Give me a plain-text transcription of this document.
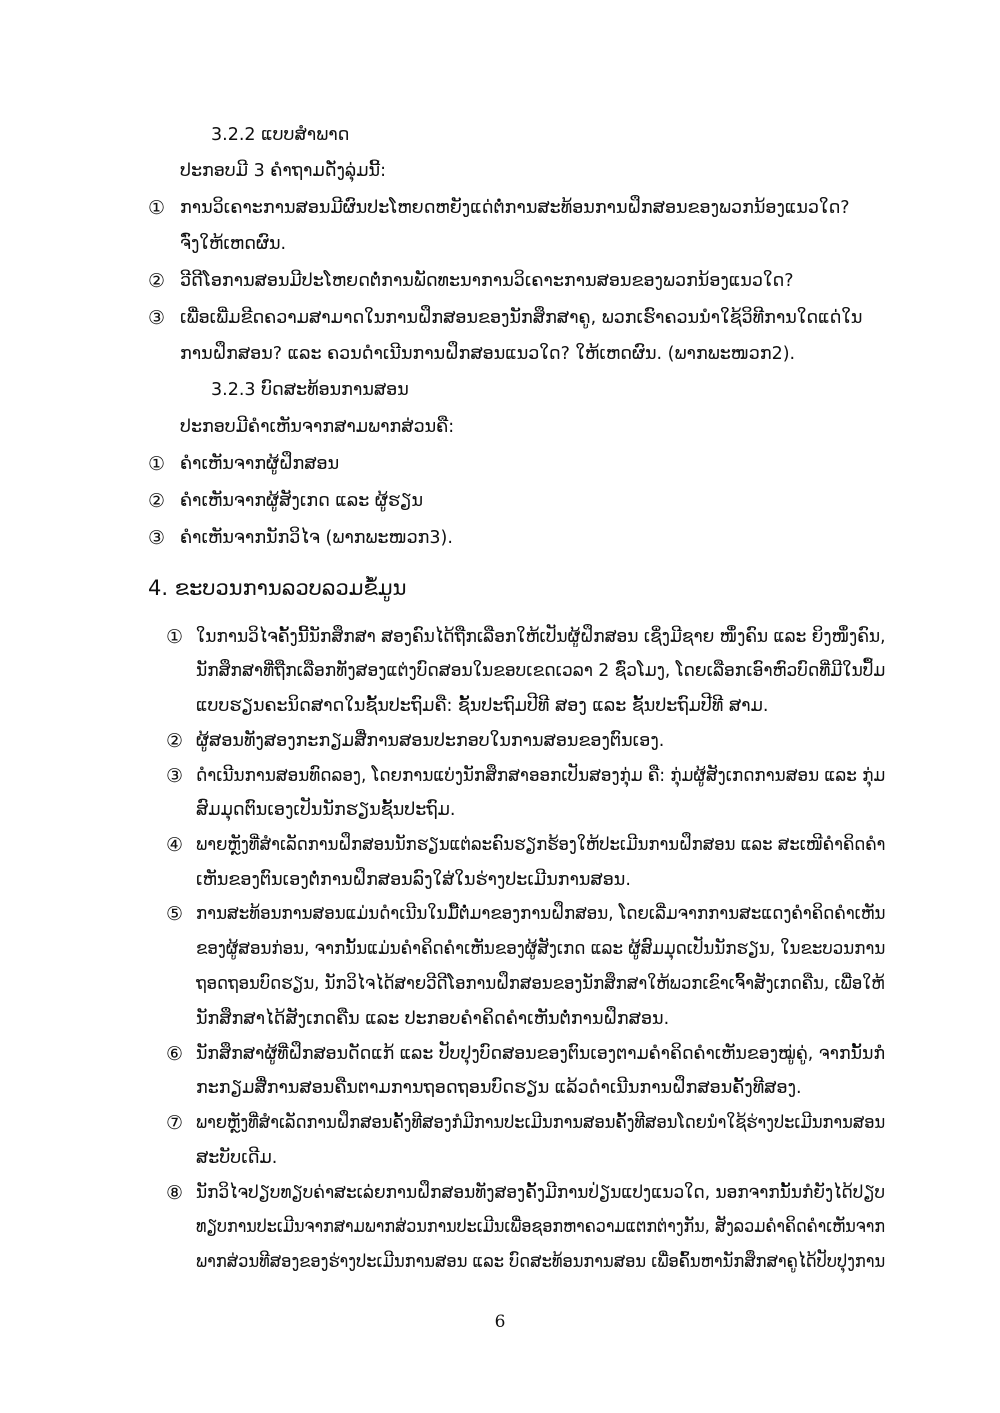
3.2.2 ແບບສຳພາດ
ປະກອບມີ 3 ຄຳຖາມດັ່ງລຸ່ມນີ້:
① ການວິເຄາະການສອນມີຜົນປະໂຫຍດຫຍັງແດ່ຕໍ່ການສະທ້ອນການຝຶກສອນຂອງພວກນ້ອງແນວໃດ?
ຈົ່ງໃຫ້ເຫດຜົນ.
② ວີດີໂອການສອນມີປະໂຫຍດຕໍ່ການພັດທະນາການວິເຄາະການສອນຂອງພວກນ້ອງແນວໃດ?
③ ເພື່ອເພີ່ມຂີດຄວາມສາມາດໃນການຝຶກສອນຂອງນັກສຶກສາຄູ, ພວກເຮົາຄວນນຳໃຊ້ວິທີການໃດແດ່ໃນ
ການຝຶກສອນ? ແລະ ຄວນດຳເນີນການຝຶກສອນແນວໃດ? ໃຫ້ເຫດຜົນ. (ພາກພະໜວກ2).
3.2.3 ບົດສະທ້ອນການສອນ
ປະກອບມີຄຳເຫັນຈາກສາມພາກສ່ວນຄື:
① ຄຳເຫັນຈາກຜູ້ຝຶກສອນ
② ຄຳເຫັນຈາກຜູ້ສັງເກດ ແລະ ຜູ້ຮຽນ
③ ຄຳເຫັນຈາກນັກວິໄຈ (ພາກພະໜວກ3).
4. ຂະບວນການລວບລວມຂໍ້ມູນ
① ໃນການວິໄຈຄັ້ງນີ້ນັກສຶກສາ ສອງຄົນໄດ້ຖືກເລືອກໃຫ້ເປັນຜູ້ຝຶກສອນ ເຊິ່ງມີຊາຍ ໜຶ່ງຄົນ ແລະ ຍິງໜຶ່ງຄົນ,
ນັກສຶກສາທີ່ຖືກເລືອກທັງສອງແຕ່ງບົດສອນໃນຂອບເຂດເວລາ 2 ຊົ່ວໂມງ, ໂດຍເລືອກເອົາຫົວບົດທີ່ມີໃນປຶ້ມ
ແບບຮຽນຄະນິດສາດໃນຊັ້ນປະຖົມຄື: ຊັ້ນປະຖົມປີທີ ສອງ ແລະ ຊັ້ນປະຖົມປີທີ ສາມ.
② ຜູ້ສອນທັງສອງກະກຽມສື່ການສອນປະກອບໃນການສອນຂອງຕົນເອງ.
③ ດຳເນີນການສອນທົດລອງ, ໂດຍການແບ່ງນັກສຶກສາອອກເປັນສອງກຸ່ມ ຄື: ກຸ່ມຜູ້ສັງເກດການສອນ ແລະ ກຸ່ມ
ສົມມຸດຕົນເອງເປັນນັກຮຽນຊັ້ນປະຖົມ.
④ ພາຍຫຼັງທີ່ສຳເລັດການຝຶກສອນນັກຮຽນແຕ່ລະຄົນຮຽກຮ້ອງໃຫ້ປະເມີນການຝຶກສອນ ແລະ ສະເໜີຄຳຄິດຄຳ
ເຫັນຂອງຕົນເອງຕໍ່ການຝຶກສອນລົງໃສ່ໃນຮ່າງປະເມີນການສອນ.
⑤ ການສະທ້ອນການສອນແມ່ນດຳເນີນໃນມື້ຕໍ່ມາຂອງການຝຶກສອນ, ໂດຍເລີ່ມຈາກການສະແດງຄຳຄິດຄຳເຫັນ
ຂອງຜູ້ສອນກ່ອນ, ຈາກນັ້ນແມ່ນຄຳຄິດຄຳເຫັນຂອງຜູ້ສັງເກດ ແລະ ຜູ້ສົມມຸດເປັນນັກຮຽນ, ໃນຂະບວນການ
ຖອດຖອນບົດຮຽນ, ນັກວິໄຈໄດ້ສາຍວີດີໂອການຝຶກສອນຂອງນັກສຶກສາໃຫ້ພວກເຂົາເຈົ້າສັງເກດຄືນ, ເພື່ອໃຫ້
ນັກສຶກສາໄດ້ສັງເກດຄືນ ແລະ ປະກອບຄຳຄິດຄຳເຫັນຕໍ່ການຝຶກສອນ.
⑥ ນັກສຶກສາຜູ້ທີ່ຝຶກສອນດັດແກ້ ແລະ ປັບປຸງບົດສອນຂອງຕົນເອງຕາມຄຳຄິດຄຳເຫັນຂອງໝູ່ຄູ່, ຈາກນັ້ນກໍ
ກະກຽມສື່ການສອນຄືນຕາມການຖອດຖອນບົດຮຽນ ແລ້ວດຳເນີນການຝຶກສອນຄັ້ງທີສອງ.
⑦ ພາຍຫຼັງທີ່ສຳເລັດການຝຶກສອນຄັ້ງທີສອງກໍມີການປະເມີນການສອນຄັ້ງທີສອນໂດຍນຳໃຊ້ຮ່າງປະເມີນການສອນ
ສະບັບເດີມ.
⑧ ນັກວິໄຈປຽບທຽບຄ່າສະເລ່ຍການຝຶກສອນທັງສອງຄັ້ງມີການປ່ຽນແປງແນວໃດ, ນອກຈາກນັ້ນກໍຍັງໄດ້ປຽບ
ທຽບການປະເມີນຈາກສາມພາກສ່ວນການປະເມີນເພື່ອຊອກຫາຄວາມແຕກຕ່າງກັນ, ສັງລວມຄຳຄິດຄຳເຫັນຈາກ
ພາກສ່ວນທີສອງຂອງຮ່າງປະເມີນການສອນ ແລະ ບົດສະທ້ອນການສອນ ເພື່ອຄົ້ນຫານັກສຶກສາຄູໄດ້ປັບປຸງການ
6
